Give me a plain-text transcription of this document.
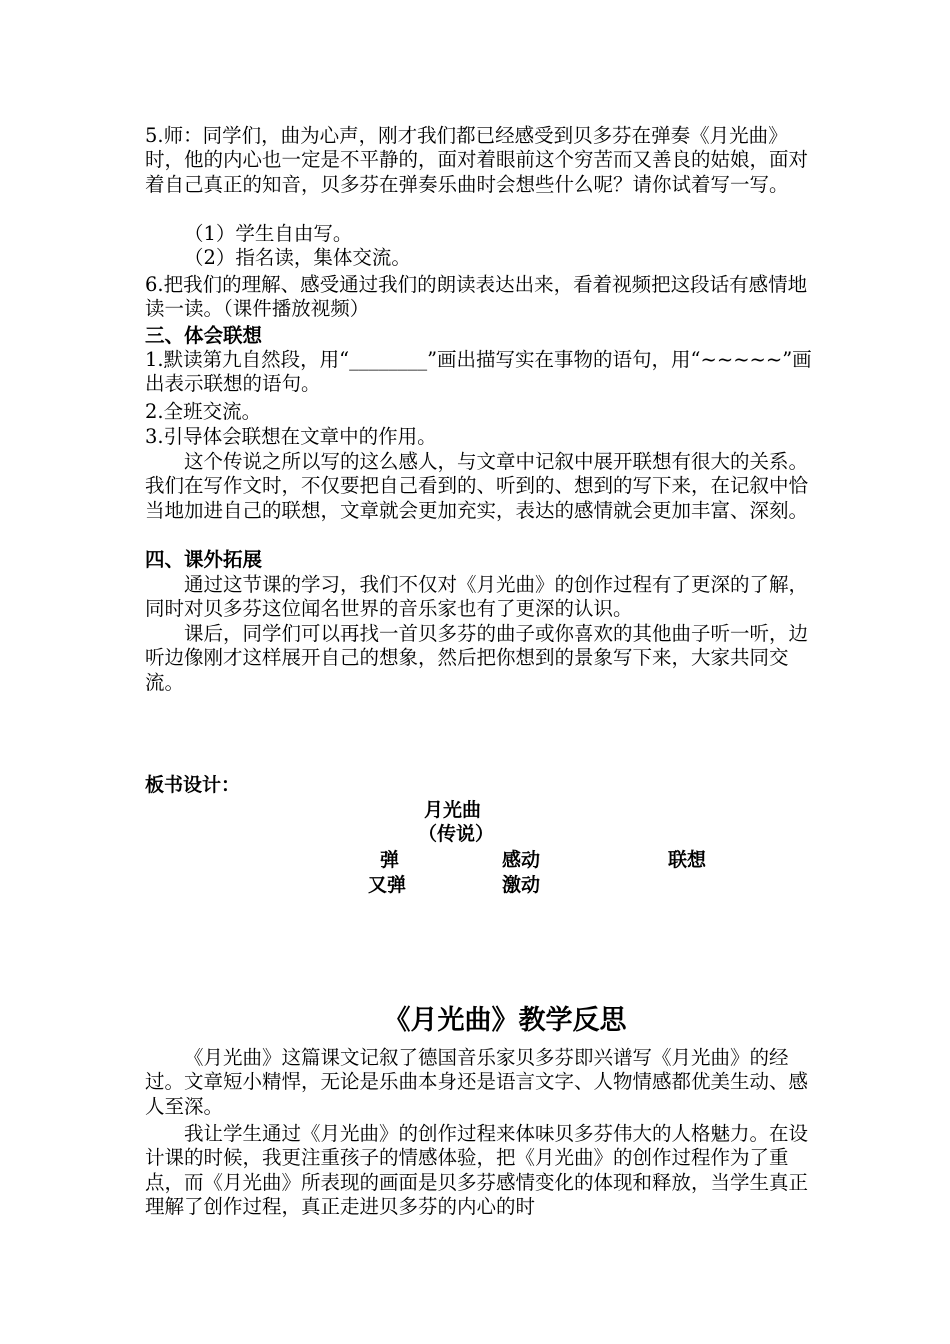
5.师：同学们，曲为心声，刚才我们都已经感受到贝多芬在弹奏《月光曲》时，他的内心也一定是不平静的，面对着眼前这个穷苦而又善良的姑娘，面对着自己真正的知音，贝多芬在弹奏乐曲时会想些什么呢？请你试着写一写。

（1）学生自由写。

（2）指名读，集体交流。

6.把我们的理解、感受通过我们的朗读表达出来，看着视频把这段话有感情地读一读。（课件播放视频）

三、体会联想

1.默读第九自然段，用“________”画出描写实在事物的语句，用“~~~~~”画出表示联想的语句。

2.全班交流。

3.引导体会联想在文章中的作用。

这个传说之所以写的这么感人，与文章中记叙中展开联想有很大的关系。我们在写作文时，不仅要把自己看到的、听到的、想到的写下来，在记叙中恰当地加进自己的联想，文章就会更加充实，表达的感情就会更加丰富、深刻。

四、课外拓展

通过这节课的学习，我们不仅对《月光曲》的创作过程有了更深的了解，同时对贝多芬这位闻名世界的音乐家也有了更深的认识。

课后，同学们可以再找一首贝多芬的曲子或你喜欢的其他曲子听一听，边听边像刚才这样展开自己的想象，然后把你想到的景象写下来，大家共同交流。

板书设计：

月光曲

（传说）

弹	感动	联想

又弹	激动

《月光曲》教学反思

《月光曲》这篇课文记叙了德国音乐家贝多芬即兴谱写《月光曲》的经过。文章短小精悍，无论是乐曲本身还是语言文字、人物情感都优美生动、感人至深。

我让学生通过《月光曲》的创作过程来体味贝多芬伟大的人格魅力。在设计课的时候，我更注重孩子的情感体验，把《月光曲》的创作过程作为了重点，而《月光曲》所表现的画面是贝多芬感情变化的体现和释放，当学生真正理解了创作过程，真正走进贝多芬的内心的时
